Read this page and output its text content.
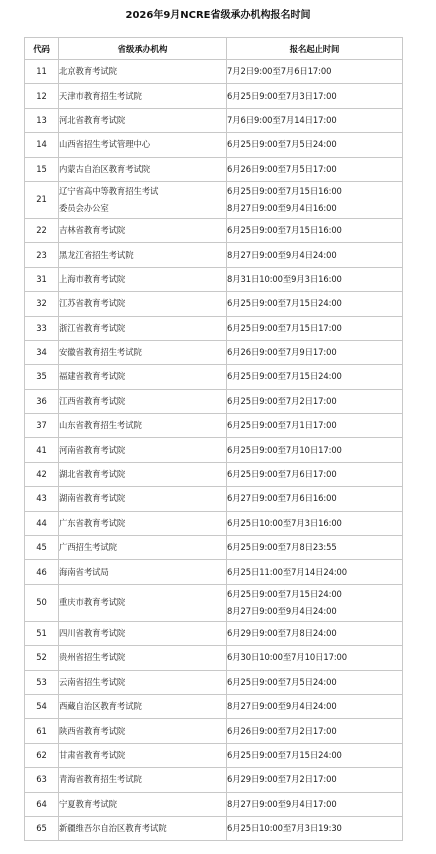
2026年9月NCRE省级承办机构报名时间
代码	省级承办机构	报名起止时间
11	北京教育考试院	7月2日9:00至7月6日17:00

12	天津市教育招生考试院	6月25日9:00至7月3日17:00

13	河北省教育考试院	7月6日9:00至7月14日17:00

14	山西省招生考试管理中心	6月25日9:00至7月5日24:00

15	内蒙古自治区教育考试院	6月26日9:00至7月5日17:00

21	辽宁省高中等教育招生考试
委员会办公室	6月25日9:00至7月15日16:00
8月27日9:00至9月4日16:00

22	吉林省教育考试院	6月25日9:00至7月15日16:00

23	黑龙江省招生考试院	8月27日9:00至9月4日24:00

31	上海市教育考试院	8月31日10:00至9月3日16:00

32	江苏省教育考试院	6月25日9:00至7月15日24:00

33	浙江省教育考试院	6月25日9:00至7月15日17:00

34	安徽省教育招生考试院	6月26日9:00至7月9日17:00

35	福建省教育考试院	6月25日9:00至7月15日24:00

36	江西省教育考试院	6月25日9:00至7月2日17:00

37	山东省教育招生考试院	6月25日9:00至7月1日17:00

41	河南省教育考试院	6月25日9:00至7月10日17:00

42	湖北省教育考试院	6月25日9:00至7月6日17:00

43	湖南省教育考试院	6月27日9:00至7月6日16:00

44	广东省教育考试院	6月25日10:00至7月3日16:00

45	广西招生考试院	6月25日9:00至7月8日23:55

46	海南省考试局	6月25日11:00至7月14日24:00

50	重庆市教育考试院	6月25日9:00至7月15日24:00
8月27日9:00至9月4日24:00

51	四川省教育考试院	6月29日9:00至7月8日24:00

52	贵州省招生考试院	6月30日10:00至7月10日17:00

53	云南省招生考试院	6月25日9:00至7月5日24:00

54	西藏自治区教育考试院	8月27日9:00至9月4日24:00

61	陕西省教育考试院	6月26日9:00至7月2日17:00

62	甘肃省教育考试院	6月25日9:00至7月15日24:00

63	青海省教育招生考试院	6月29日9:00至7月2日17:00

64	宁夏教育考试院	8月27日9:00至9月4日17:00

65	新疆维吾尔自治区教育考试院	6月25日10:00至7月3日19:30
